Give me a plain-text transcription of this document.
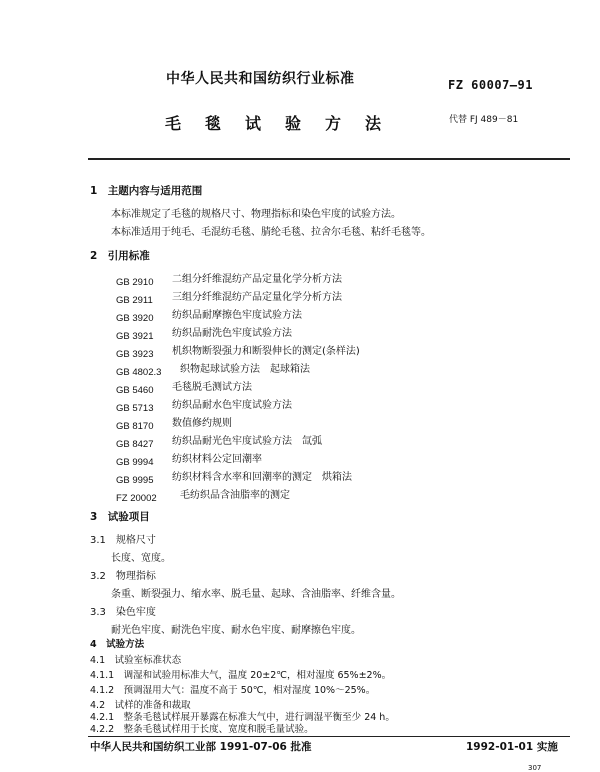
中华人民共和国纺织行业标准	FZ 60007—91
毛毯试验方法	代替 FJ 489－81
1　主题内容与适用范围
本标准规定了毛毯的规格尺寸、物理指标和染色牢度的试验方法。
本标准适用于纯毛、毛混纺毛毯、腈纶毛毯、拉舍尔毛毯、粘纤毛毯等。
2　引用标准
GB 2910 二组分纤维混纺产品定量化学分析方法
GB 2911 三组分纤维混纺产品定量化学分析方法
GB 3920 纺织品耐摩擦色牢度试验方法
GB 3921 纺织品耐洗色牢度试验方法
GB 3923 机织物断裂强力和断裂伸长的测定(条样法)
GB 4802.3 织物起球试验方法　起球箱法
GB 5460 毛毯脱毛测试方法
GB 5713 纺织品耐水色牢度试验方法
GB 8170 数值修约规则
GB 8427 纺织品耐光色牢度试验方法　氙弧
GB 9994 纺织材料公定回潮率
GB 9995 纺织材料含水率和回潮率的测定　烘箱法
FZ 20002 毛纺织品含油脂率的测定
3　试验项目
3.1　规格尺寸
长度、宽度。
3.2　物理指标
条重、断裂强力、缩水率、脱毛量、起球、含油脂率、纤维含量。
3.3　染色牢度
耐光色牢度、耐洗色牢度、耐水色牢度、耐摩擦色牢度。
4　试验方法
4.1　试验室标准状态
4.1.1　调湿和试验用标准大气，温度 20±2℃，相对湿度 65%±2%。
4.1.2　预调湿用大气：温度不高于 50℃，相对湿度 10%～25%。
4.2　试样的准备和裁取
4.2.1　整条毛毯试样展开暴露在标准大气中，进行调湿平衡至少 24 h。
4.2.2　整条毛毯试样用于长度、宽度和脱毛量试验。
中华人民共和国纺织工业部 1991-07-06 批准	1992-01-01 实施
307
